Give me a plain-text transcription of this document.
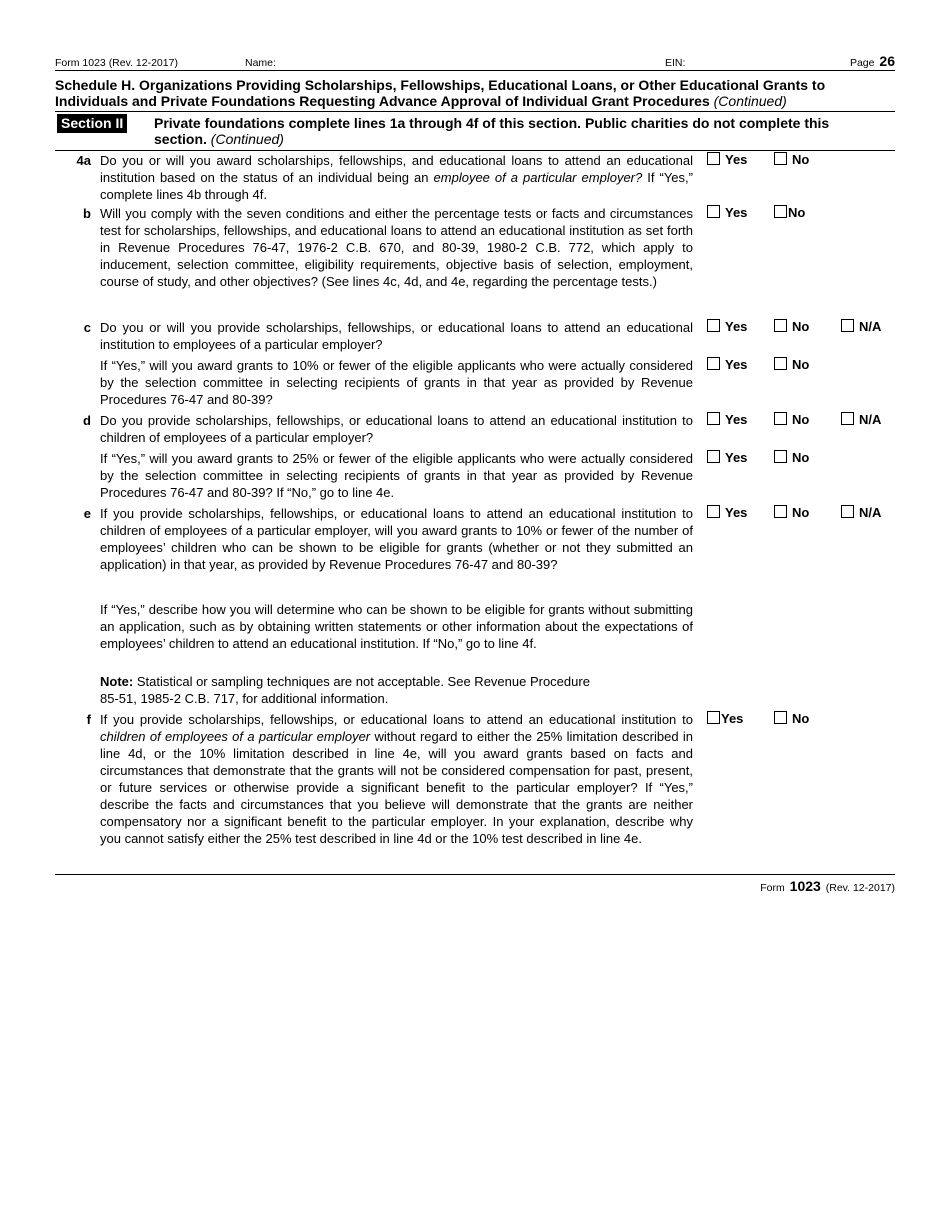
Form 1023 (Rev. 12-2017)	Name:	EIN:	Page 26
Schedule H. Organizations Providing Scholarships, Fellowships, Educational Loans, or Other Educational Grants to Individuals and Private Foundations Requesting Advance Approval of Individual Grant Procedures (Continued)
Section II Private foundations complete lines 1a through 4f of this section. Public charities do not complete this section. (Continued)
4a Do you or will you award scholarships, fellowships, and educational loans to attend an educational institution based on the status of an individual being an employee of a particular employer? If “Yes,” complete lines 4b through 4f.
Yes	No
b Will you comply with the seven conditions and either the percentage tests or facts and circumstances test for scholarships, fellowships, and educational loans to attend an educational institution as set forth in Revenue Procedures 76-47, 1976-2 C.B. 670, and 80-39, 1980-2 C.B. 772, which apply to inducement, selection committee, eligibility requirements, objective basis of selection, employment, course of study, and other objectives? (See lines 4c, 4d, and 4e, regarding the percentage tests.)
Yes	No
c Do you or will you provide scholarships, fellowships, or educational loans to attend an educational institution to employees of a particular employer?
Yes	No	N/A
If “Yes,” will you award grants to 10% or fewer of the eligible applicants who were actually considered by the selection committee in selecting recipients of grants in that year as provided by Revenue Procedures 76-47 and 80-39?
Yes	No
d Do you provide scholarships, fellowships, or educational loans to attend an educational institution to children of employees of a particular employer?
Yes	No	N/A
If “Yes,” will you award grants to 25% or fewer of the eligible applicants who were actually considered by the selection committee in selecting recipients of grants in that year as provided by Revenue Procedures 76-47 and 80-39? If “No,” go to line 4e.
Yes	No
e If you provide scholarships, fellowships, or educational loans to attend an educational institution to children of employees of a particular employer, will you award grants to 10% or fewer of the number of employees’ children who can be shown to be eligible for grants (whether or not they submitted an application) in that year, as provided by Revenue Procedures 76-47 and 80-39?
Yes	No	N/A
If “Yes,” describe how you will determine who can be shown to be eligible for grants without submitting an application, such as by obtaining written statements or other information about the expectations of employees’ children to attend an educational institution. If “No,” go to line 4f.
Note: Statistical or sampling techniques are not acceptable. See Revenue Procedure
85-51, 1985-2 C.B. 717, for additional information.
f If you provide scholarships, fellowships, or educational loans to attend an educational institution to children of employees of a particular employer without regard to either the 25% limitation described in line 4d, or the 10% limitation described in line 4e, will you award grants based on facts and circumstances that demonstrate that the grants will not be considered compensation for past, present, or future services or otherwise provide a significant benefit to the particular employer? If “Yes,” describe the facts and circumstances that you believe will demonstrate that the grants are neither compensatory nor a significant benefit to the particular employer. In your explanation, describe why you cannot satisfy either the 25% test described in line 4d or the 10% test described in line 4e.
Yes	No
Form 1023 (Rev. 12-2017)
